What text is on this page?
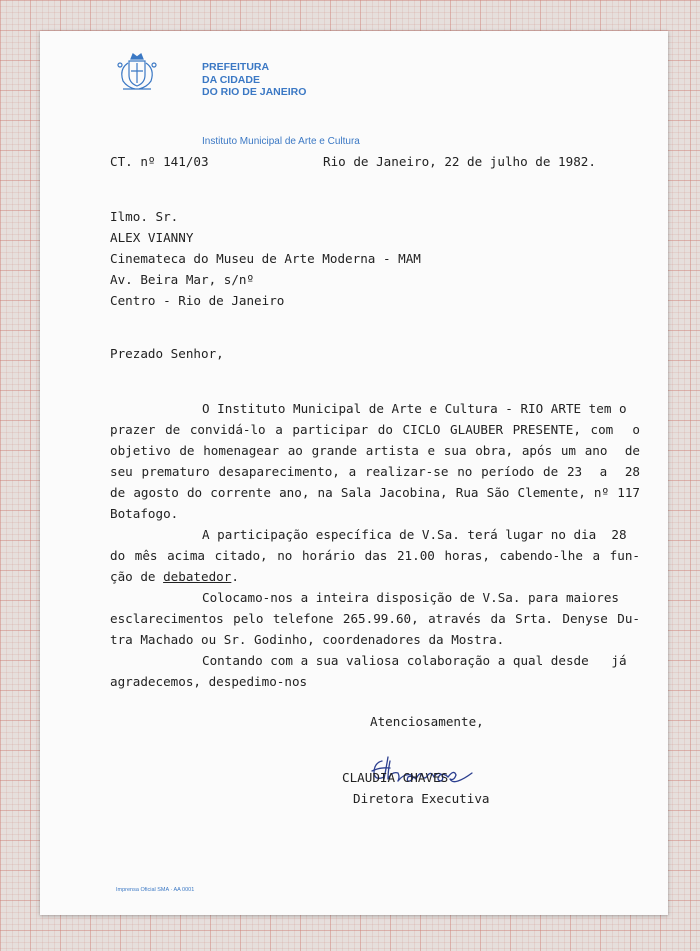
PREFEITURA
DA CIDADE
DO RIO DE JANEIRO
Instituto Municipal de Arte e Cultura
CT. nº 141/03	Rio de Janeiro, 22 de julho de 1982.
Ilmo. Sr.
ALEX VIANNY
Cinemateca do Museu de Arte Moderna - MAM
Av. Beira Mar, s/nº
Centro - Rio de Janeiro
Prezado Senhor,
O Instituto Municipal de Arte e Cultura - RIO ARTE tem o
prazer de convidá-lo a participar do CICLO GLAUBER PRESENTE, com  o
objetivo de homenagear ao grande artista e sua obra, após um ano  de
seu prematuro desaparecimento, a realizar-se no período de 23  a  28
de agosto do corrente ano, na Sala Jacobina, Rua São Clemente, nº 117
Botafogo.
A participação específica de V.Sa. terá lugar no dia  28
do mês acima citado, no horário das 21.00 horas, cabendo-lhe a fun-
ção de debatedor.
Colocamo-nos a inteira disposição de V.Sa. para maiores
esclarecimentos pelo telefone 265.99.60, através da Srta. Denyse Du-
tra Machado ou Sr. Godinho, coordenadores da Mostra.
Contando com a sua valiosa colaboração a qual desde   já
agradecemos, despedimo-nos
Atenciosamente,
CLAUDIA CHAVES
Diretora Executiva
Imprensa Oficial SMA · AA 0001
